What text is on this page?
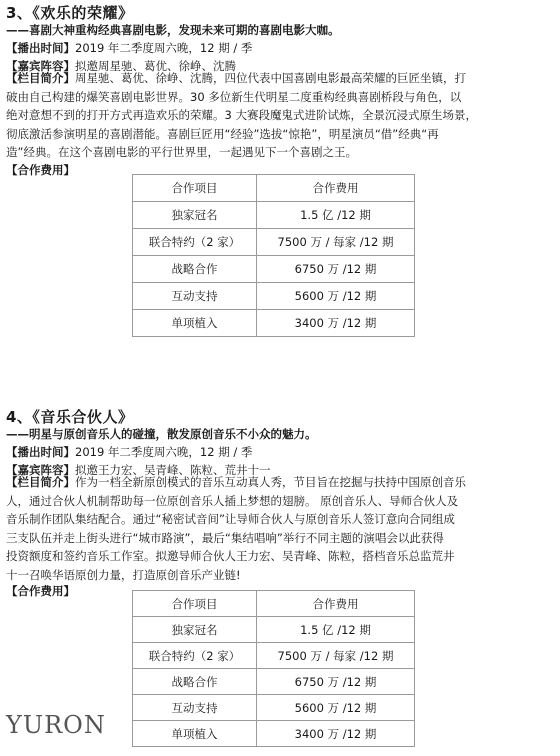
3、《欢乐的荣耀》
——喜剧大神重构经典喜剧电影，发现未来可期的喜剧电影大咖。
【播出时间】2019 年二季度周六晚，12 期 / 季
【嘉宾阵容】拟邀周星驰、葛优、徐峥、沈腾
【栏目简介】周星驰、葛优、徐峥、沈腾，四位代表中国喜剧电影最高荣耀的巨匠坐镇，打
破由自己构建的爆笑喜剧电影世界。30 多位新生代明星二度重构经典喜剧桥段与角色，以
绝对意想不到的打开方式再造欢乐的荣耀。3 大赛段魔鬼式进阶试炼，全景沉浸式原生场景，
彻底激活参演明星的喜剧潜能。喜剧巨匠用“经验”选拔“惊艳”，明星演员“借”经典“再
造”经典。在这个喜剧电影的平行世界里，一起遇见下一个喜剧之王。
【合作费用】
合作项目	合作费用
独家冠名	1.5 亿 /12 期
联合特约（2 家）	7500 万 / 每家 /12 期
战略合作	6750 万 /12 期
互动支持	5600 万 /12 期
单项植入	3400 万 /12 期
4、《音乐合伙人》
——明星与原创音乐人的碰撞，散发原创音乐不小众的魅力。
【播出时间】2019 年二季度周六晚，12 期 / 季
【嘉宾阵容】拟邀王力宏、吴青峰、陈粒、荒井十一
【栏目简介】作为一档全新原创模式的音乐互动真人秀，节目旨在挖掘与扶持中国原创音乐
人，通过合伙人机制帮助每一位原创音乐人插上梦想的翅膀。 原创音乐人、导师合伙人及
音乐制作团队集结配合。通过“秘密试音间”让导师合伙人与原创音乐人签订意向合同组成
三支队伍并走上街头进行“城市路演”，最后“集结唱响”举行不同主题的演唱会以此获得
投资额度和签约音乐工作室。拟邀导师合伙人王力宏、吴青峰、陈粒，搭档音乐总监荒井
十一召唤华语原创力量，打造原创音乐产业链!
【合作费用】
合作项目	合作费用
独家冠名	1.5 亿 /12 期
联合特约（2 家）	7500 万 / 每家 /12 期
战略合作	6750 万 /12 期
互动支持	5600 万 /12 期
单项植入	3400 万 /12 期
YURON
